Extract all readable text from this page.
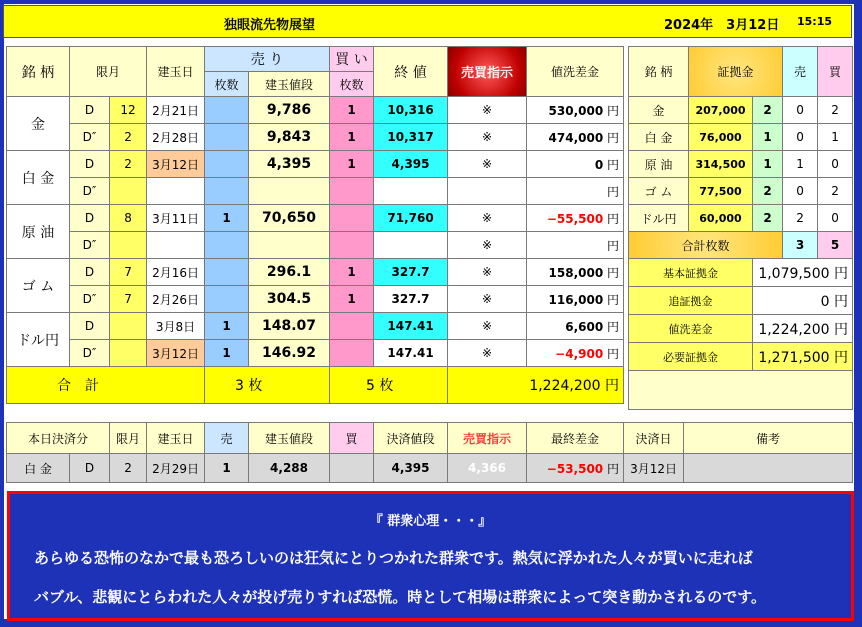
独眼流先物展望	2024年　3月12日 15:15
銘 柄	限月		建玉日	売 り		買 い	終 値	売買指示	値洗差金
				枚数	建玉値段	枚数			
金	D	12	2月21日		9,786	1	10,316	※	530,000 円
	D″	2	2月28日		9,843	1	10,317	※	474,000 円
白 金	D	2	3月12日		4,395	1	4,395	※	0 円
	D″								円
原 油	D	8	3月11日	1	70,650		71,760	※	−55,500 円
	D″							※	円
ゴ ム	D	7	2月16日		296.1	1	327.7	※	158,000 円
	D″	7	2月26日		304.5	1	327.7	※	116,000 円
ドル円	D		3月8日	1	148.07		147.41	※	6,600 円
	D″		3月12日	1	146.92		147.41	※	−4,900 円
合　計				3 枚		5 枚		1,224,200 円	
銘 柄	証拠金		売	買
金	207,000	2	0	2
白 金	76,000	1	0	1
原 油	314,500	1	1	0
ゴ ム	77,500	2	0	2
ドル円	60,000	2	2	0
合計枚数			3	5
基本証拠金		1,079,500 円		
追証拠金		0 円		
値洗差金		1,224,200 円		
必要証拠金		1,271,500 円		

本日決済分		限月	建玉日	売	建玉値段	買	決済値段	売買指示	最終差金	決済日	備考
白 金	D	2	2月29日	1	4,288		4,395	4,366	−53,500 円	3月12日	
『 群衆心理・・・』
あらゆる恐怖のなかで最も恐ろしいのは狂気にとりつかれた群衆です。熱気に浮かれた人々が買いに走れば
バブル、悲観にとらわれた人々が投げ売りすれば恐慌。時として相場は群衆によって突き動かされるのです。
